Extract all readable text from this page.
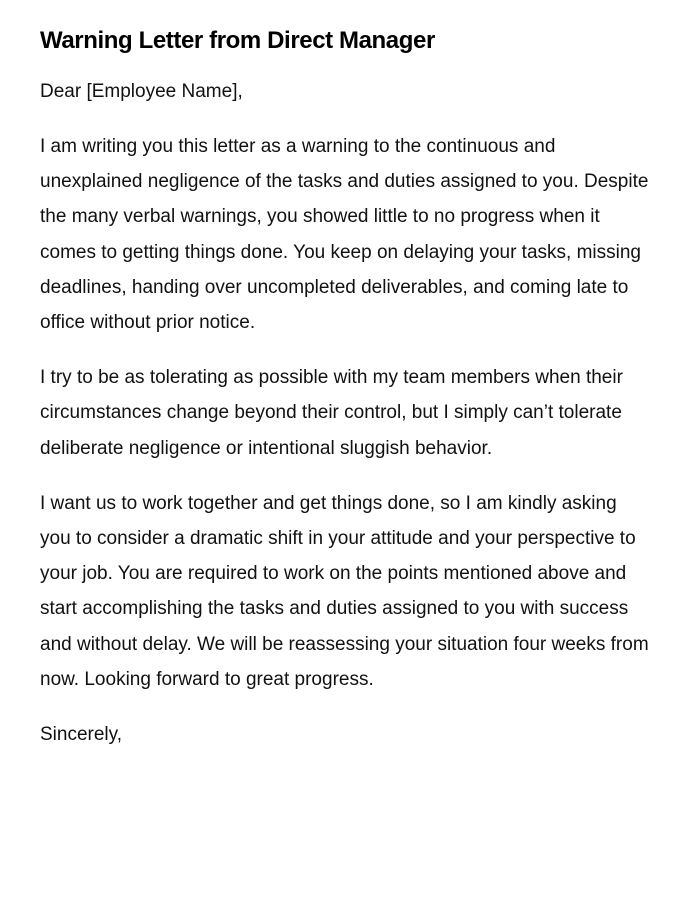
Warning Letter from Direct Manager

Dear [Employee Name],

I am writing you this letter as a warning to the continuous and unexplained negligence of the tasks and duties assigned to you. Despite the many verbal warnings, you showed little to no progress when it comes to getting things done. You keep on delaying your tasks, missing deadlines, handing over uncompleted deliverables, and coming late to office without prior notice.

I try to be as tolerating as possible with my team members when their circumstances change beyond their control, but I simply can’t tolerate deliberate negligence or intentional sluggish behavior.

I want us to work together and get things done, so I am kindly asking you to consider a dramatic shift in your attitude and your perspective to your job. You are required to work on the points mentioned above and start accomplishing the tasks and duties assigned to you with success and without delay. We will be reassessing your situation four weeks from now. Looking forward to great progress.

Sincerely,
